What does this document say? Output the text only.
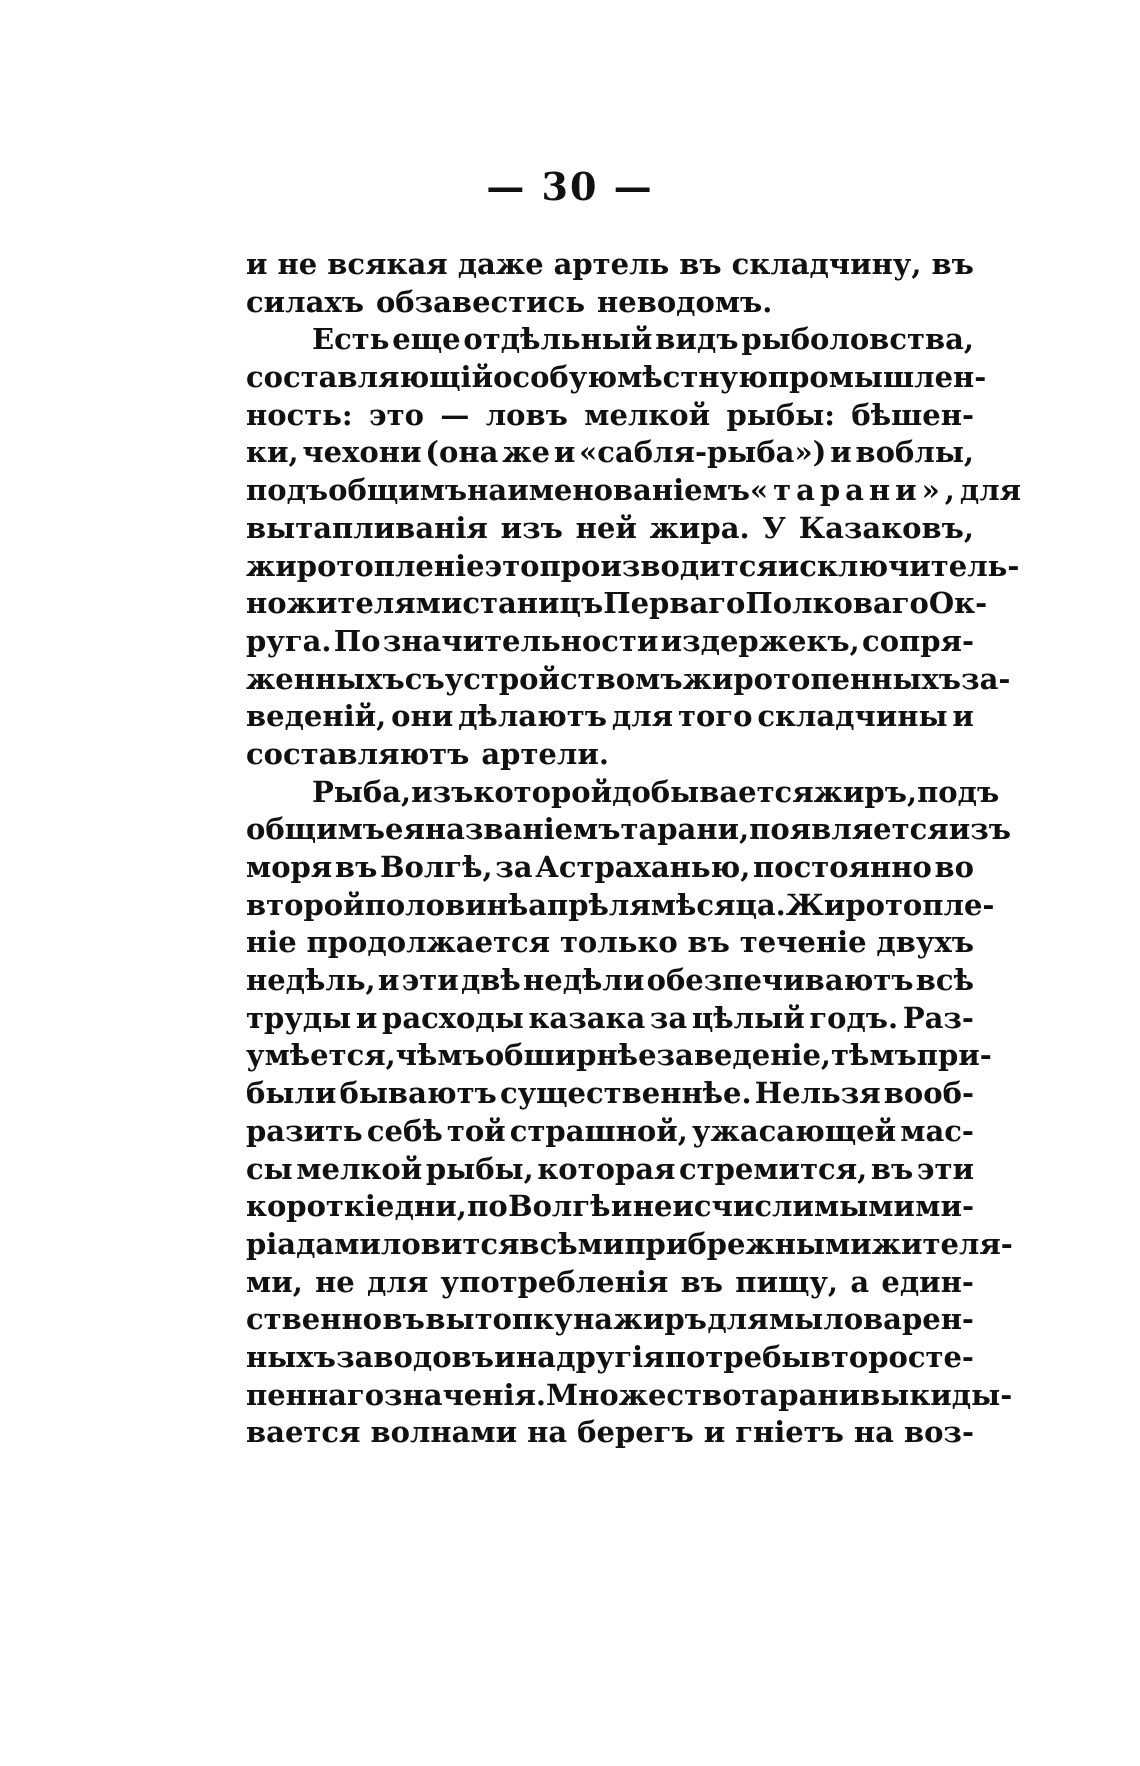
— 30 —
и не всякая даже артель въ складчину, въ
силахъ обзавестись неводомъ.
Есть еще отдѣльный видъ рыболовства,
составляющій особую мѣстную промышлен-
ность: это — ловъ мелкой рыбы: бѣшен-
ки, чехони (она же и «сабля-рыба») и воблы,
подъ общимъ наименованіемъ «тарани», для
вытапливанія изъ ней жира. У Казаковъ,
жиротопленіе это производится исключитель-
но жителями станицъ Перваго Полковаго Ок-
руга. По значительности издержекъ, сопря-
женныхъ съ устройствомъ жиротопенныхъ за-
веденій, они дѣлаютъ для того складчины и
составляютъ артели.
Рыба, изъ которой добывается жиръ, подъ
общимъ ея названіемъ тарани, появляется изъ
моря въ Волгѣ, за Астраханью, постоянно во
второй половинѣ апрѣля мѣсяца. Жиротопле-
ніе продолжается только въ теченіе двухъ
недѣль, и эти двѣ недѣли обезпечиваютъ всѣ
труды и расходы казака за цѣлый годъ. Раз-
умѣется, чѣмъ обширнѣе заведеніе, тѣмъ при-
были бываютъ существеннѣе. Нельзя вооб-
разить себѣ той страшной, ужасающей мас-
сы мелкой рыбы, которая стремится, въ эти
короткіе дни, по Волгѣ и неисчислимыми ми-
ріадами ловится всѣми прибрежными жителя-
ми, не для употребленія въ пищу, а един-
ственно въ вытопку на жиръ для мыловарен-
ныхъ заводовъ и на другія потребы второсте-
пеннаго значенія. Множество тарани выкиды-
вается волнами на берегъ и гніетъ на воз-
